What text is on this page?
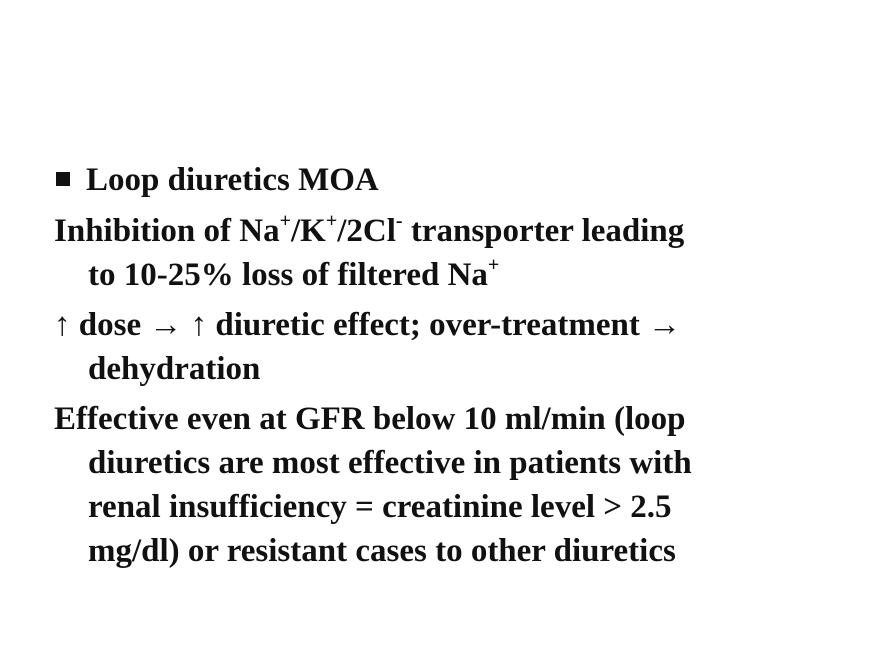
Loop diuretics MOA
Inhibition of Na+/K+/2Cl- transporter leading
to 10-25% loss of filtered Na+
↑ dose → ↑ diuretic effect; over-treatment →
dehydration
Effective even at GFR below 10 ml/min (loop
diuretics are most effective in patients with
renal insufficiency = creatinine level > 2.5
mg/dl) or resistant cases to other diuretics
